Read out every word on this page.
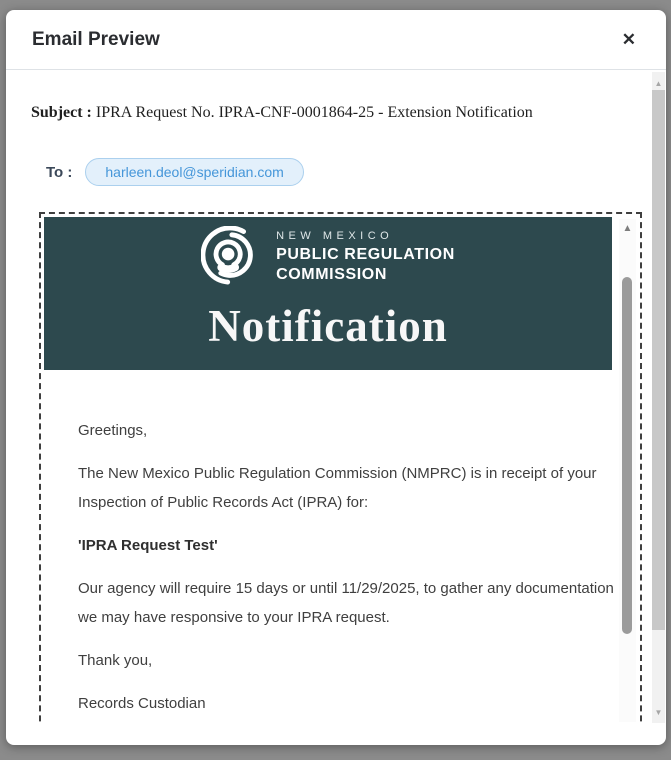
Email Preview	✕
Subject : IPRA Request No. IPRA-CNF-0001864-25 - Extension Notification
To :	harleen.deol@speridian.com
NEW MEXICO
PUBLIC REGULATION
COMMISSION
Notification

Greetings,

The New Mexico Public Regulation Commission (NMPRC) is in receipt of your Inspection of Public Records Act (IPRA) for:

'IPRA Request Test'

Our agency will require 15 days or until 11/29/2025, to gather any documentation we may have responsive to your IPRA request.

Thank you,

Records Custodian

▲
▲
▼
